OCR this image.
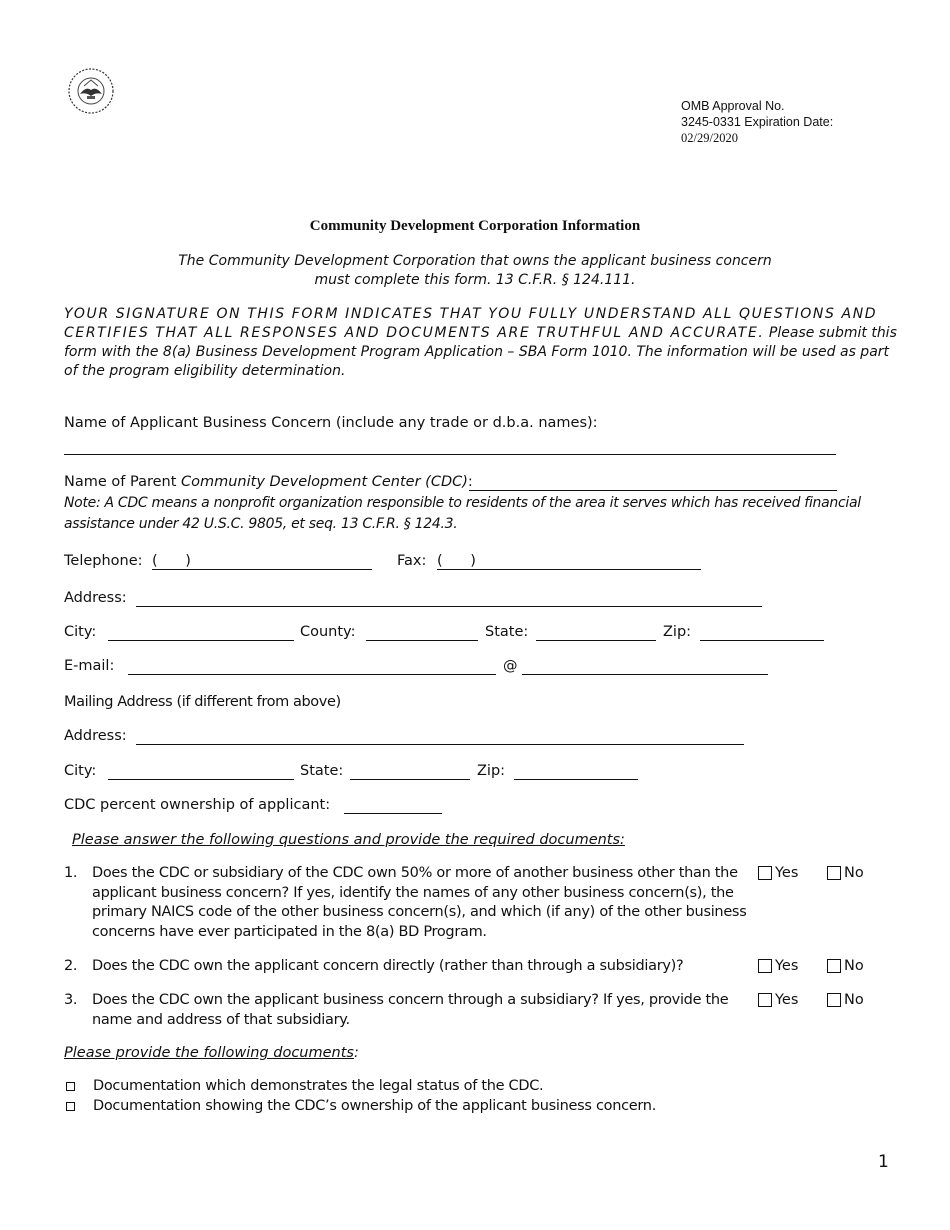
OMB Approval No.
3245-0331 Expiration Date:
02/29/2020
Community Development Corporation Information
The Community Development Corporation that owns the applicant business concern
must complete this form. 13 C.F.R. § 124.111.
YOUR SIGNATURE ON THIS FORM INDICATES THAT YOU FULLY UNDERSTAND ALL QUESTIONS AND CERTIFIES THAT ALL RESPONSES AND DOCUMENTS ARE TRUTHFUL AND ACCURATE. Please submit this form with the 8(a) Business Development Program Application – SBA Form 1010. The information will be used as part of the program eligibility determination.
Name of Applicant Business Concern (include any trade or d.b.a. names):
Name of Parent Community Development Center (CDC):
Note: A CDC means a nonprofit organization responsible to residents of the area it serves which has received financial assistance under 42 U.S.C. 9805, et seq. 13 C.F.R. § 124.3.
Telephone: (      )	Fax: (      )
Address:
City:	County:	State:	Zip:
E-mail:	@
Mailing Address (if different from above)
Address:
City:	State:	Zip:
CDC percent ownership of applicant:
Please answer the following questions and provide the required documents:
1. Does the CDC or subsidiary of the CDC own 50% or more of another business other than the applicant business concern? If yes, identify the names of any other business concern(s), the primary NAICS code of the other business concern(s), and which (if any) of the other business concerns have ever participated in the 8(a) BD Program.
Yes	No
2. Does the CDC own the applicant concern directly (rather than through a subsidiary)?	Yes	No
3. Does the CDC own the applicant business concern through a subsidiary? If yes, provide the name and address of that subsidiary.
Yes	No
Please provide the following documents:
Documentation which demonstrates the legal status of the CDC.
Documentation showing the CDC’s ownership of the applicant business concern.
1
